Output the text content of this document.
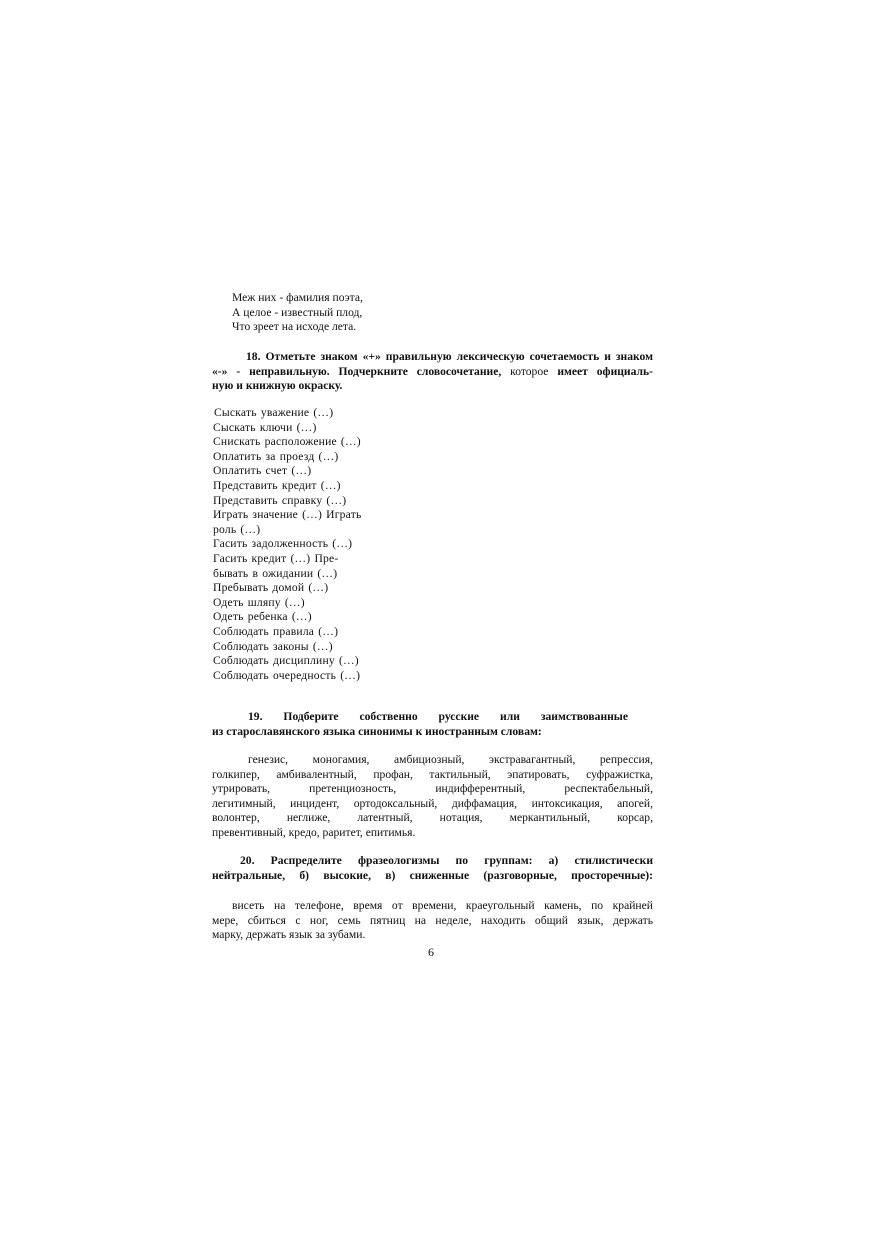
Меж них - фамилия поэта,
А целое - известный плод,
Что зреет на исходе лета.
18. Отметьте знаком «+» правильную лексическую сочетаемость и знаком
«-» - неправильную. Подчеркните словосочетание, которое имеет официаль-
ную и книжную окраску.
Сыскать уважение (…)
Сыскать ключи (…)
Снискать расположение (…)
Оплатить за проезд (…)
Оплатить счет (…)
Представить кредит (…)
Представить справку (…)
Играть значение (…) Играть
роль (…)
Гасить задолженность (…)
Гасить кредит (…) Пре-
бывать в ожидании (…)
Пребывать домой (…)
Одеть шляпу (…)
Одеть ребенка (…)
Соблюдать правила (…)
Соблюдать законы (…)
Соблюдать дисциплину (…)
Соблюдать очередность (…)
19. Подберите собственно русские или заимствованные
из старославянского языка синонимы к иностранным словам:
генезис, моногамия, амбициозный, экстравагантный, репрессия,
голкипер, амбивалентный, профан, тактильный, эпатировать, суфражистка,
утрировать, претенциозность, индифферентный, респектабельный,
легитимный, инцидент, ортодоксальный, диффамация, интоксикация, апогей,
волонтер, неглиже, латентный, нотация, меркантильный, корсар,
превентивный, кредо, раритет, епитимья.
20. Распределите фразеологизмы по группам: а) стилистически
нейтральные, б) высокие, в) сниженные (разговорные, просторечные):
висеть на телефоне, время от времени, краеугольный камень, по крайней
мере, сбиться с ног, семь пятниц на неделе, находить общий язык, держать
марку, держать язык за зубами.
6
